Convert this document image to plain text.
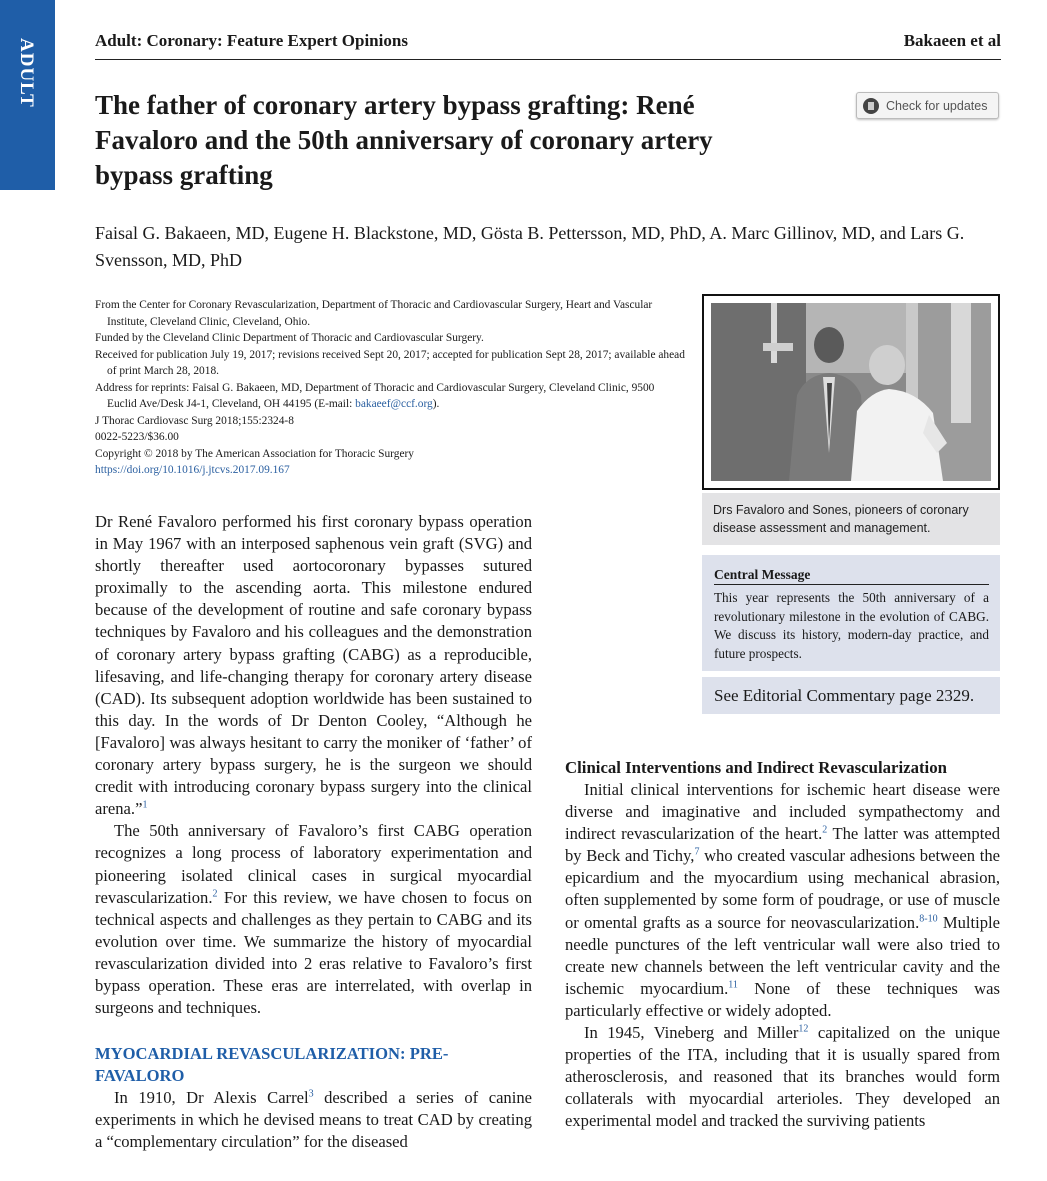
ADULT	Adult: Coronary: Feature Expert Opinions	Bakaeen et al
The father of coronary artery bypass grafting: René Favaloro and the 50th anniversary of coronary artery bypass grafting
Check for updates
Faisal G. Bakaeen, MD, Eugene H. Blackstone, MD, Gösta B. Pettersson, MD, PhD, A. Marc Gillinov, MD, and Lars G. Svensson, MD, PhD

From the Center for Coronary Revascularization, Department of Thoracic and Cardiovascular Surgery, Heart and Vascular Institute, Cleveland Clinic, Cleveland, Ohio.

Funded by the Cleveland Clinic Department of Thoracic and Cardiovascular Surgery.

Received for publication July 19, 2017; revisions received Sept 20, 2017; accepted for publication Sept 28, 2017; available ahead of print March 28, 2018.

Address for reprints: Faisal G. Bakaeen, MD, Department of Thoracic and Cardiovascular Surgery, Cleveland Clinic, 9500 Euclid Ave/Desk J4-1, Cleveland, OH 44195 (E-mail: bakaeef@ccf.org).

J Thorac Cardiovasc Surg 2018;155:2324-8

0022-5223/$36.00

Copyright © 2018 by The American Association for Thoracic Surgery

https://doi.org/10.1016/j.jtcvs.2017.09.167

Drs Favaloro and Sones, pioneers of coronary disease assessment and management.
Central Message
This year represents the 50th anniversary of a revolutionary milestone in the evolution of CABG. We discuss its history, modern-day practice, and future prospects.
See Editorial Commentary page 2329.

Dr René Favaloro performed his first coronary bypass operation in May 1967 with an interposed saphenous vein graft (SVG) and shortly thereafter used aortocoronary bypasses sutured proximally to the ascending aorta. This milestone endured because of the development of routine and safe coronary bypass techniques by Favaloro and his colleagues and the demonstration of coronary artery bypass grafting (CABG) as a reproducible, lifesaving, and life-changing therapy for coronary artery disease (CAD). Its subsequent adoption worldwide has been sustained to this day. In the words of Dr Denton Cooley, “Although he [Favaloro] was always hesitant to carry the moniker of ‘father’ of coronary artery bypass surgery, he is the surgeon we should credit with introducing coronary bypass surgery into the clinical arena.”$^1$

The 50th anniversary of Favaloro’s first CABG operation recognizes a long process of laboratory experimentation and pioneering isolated clinical cases in surgical myocardial revascularization.$^2$ For this review, we have chosen to focus on technical aspects and challenges as they pertain to CABG and its evolution over time. We summarize the history of myocardial revascularization divided into 2 eras relative to Favaloro’s first bypass operation. These eras are interrelated, with overlap in surgeons and techniques.

MYOCARDIAL REVASCULARIZATION: PRE-FAVALORO

In 1910, Dr Alexis Carrel$^3$ described a series of canine experiments in which he devised means to treat CAD by creating a “complementary circulation” for the diseased

Clinical Interventions and Indirect Revascularization

Initial clinical interventions for ischemic heart disease were diverse and imaginative and included sympathectomy and indirect revascularization of the heart.$^2$ The latter was attempted by Beck and Tichy,$^7$ who created vascular adhesions between the epicardium and the myocardium using mechanical abrasion, often supplemented by some form of poudrage, or use of muscle or omental grafts as a source for neovascularization.$^{8-10}$ Multiple needle punctures of the left ventricular wall were also tried to create new channels between the left ventricular cavity and the ischemic myocardium.$^{11}$ None of these techniques was particularly effective or widely adopted.

In 1945, Vineberg and Miller$^{12}$ capitalized on the unique properties of the ITA, including that it is usually spared from atherosclerosis, and reasoned that its branches would form collaterals with myocardial arterioles. They developed an experimental model and tracked the surviving patients
